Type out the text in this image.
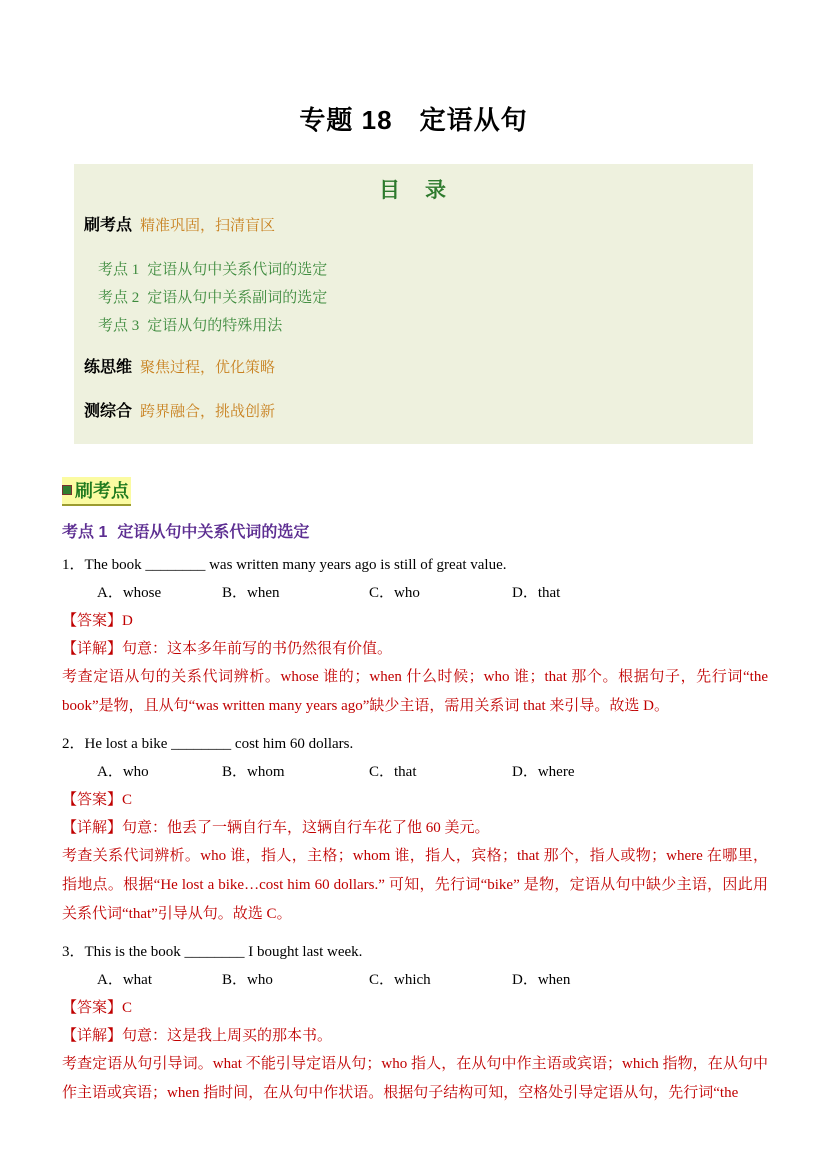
专题 18　定语从句
目　录
刷考点 精准巩固，扫清盲区
考点 1 定语从句中关系代词的选定
考点 2 定语从句中关系副词的选定
考点 3 定语从句的特殊用法
练思维 聚焦过程，优化策略
测综合 跨界融合，挑战创新
刷考点
考点 1 定语从句中关系代词的选定
1．The book ________ was written many years ago is still of great value.
A．whose	B．when	C．who	D．that
【答案】D
【详解】句意：这本多年前写的书仍然很有价值。
考查定语从句的关系代词辨析。whose 谁的；when 什么时候；who 谁；that 那个。根据句子，先行词“the book”是物，且从句“was written many years ago”缺少主语，需用关系词 that 来引导。故选 D。
2．He lost a bike ________ cost him 60 dollars.
A．who	B．whom	C．that	D．where
【答案】C
【详解】句意：他丢了一辆自行车，这辆自行车花了他 60 美元。
考查关系代词辨析。who 谁，指人，主格；whom 谁，指人，宾格；that 那个，指人或物；where 在哪里，指地点。根据“He lost a bike…cost him 60 dollars.” 可知，先行词“bike” 是物，定语从句中缺少主语，因此用关系代词“that”引导从句。故选 C。
3．This is the book ________ I bought last week.
A．what	B．who	C．which	D．when
【答案】C
【详解】句意：这是我上周买的那本书。
考查定语从句引导词。what 不能引导定语从句；who 指人，在从句中作主语或宾语；which 指物，在从句中作主语或宾语；when 指时间，在从句中作状语。根据句子结构可知，空格处引导定语从句，先行词“the
